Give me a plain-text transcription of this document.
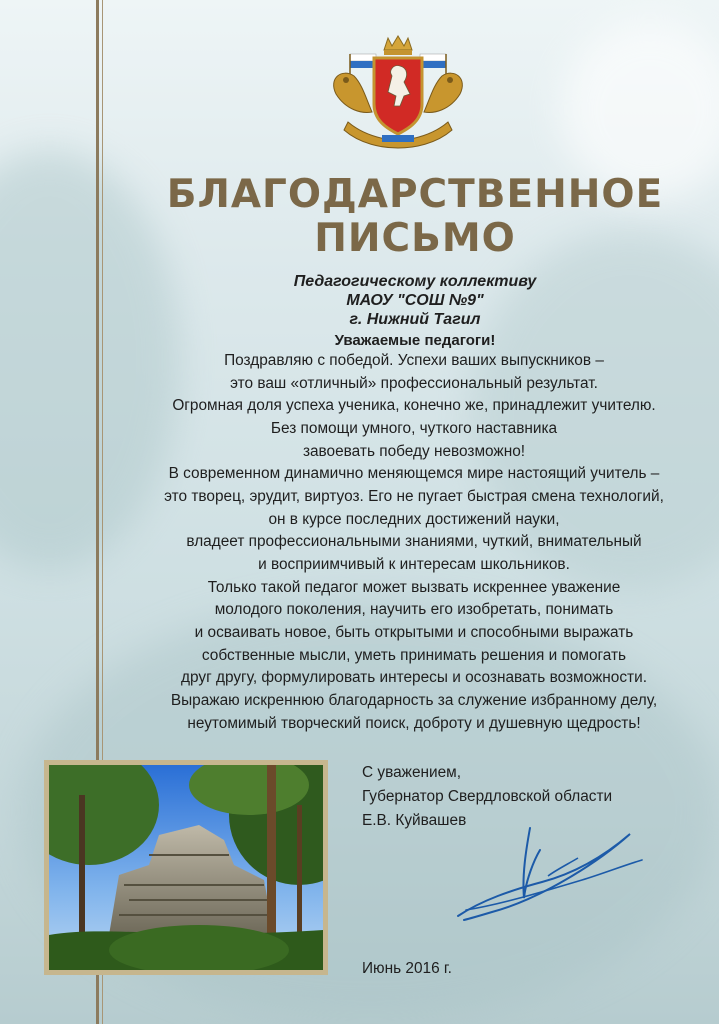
БЛАГОДАРСТВЕННОЕ
ПИСЬМО
Педагогическому коллективу
МАОУ "СОШ №9"
г. Нижний Тагил
Уважаемые педагоги!
Поздравляю с победой. Успехи ваших выпускников –
это ваш «отличный» профессиональный результат.
Огромная доля успеха ученика, конечно же, принадлежит учителю.
Без помощи умного, чуткого наставника
завоевать победу невозможно!
В современном динамично меняющемся мире настоящий учитель –
это творец, эрудит, виртуоз. Его не пугает быстрая смена технологий,
он в курсе последних достижений науки,
владеет профессиональными знаниями, чуткий, внимательный
и восприимчивый к интересам школьников.
Только такой педагог может вызвать искреннее уважение
молодого поколения, научить его изобретать, понимать
и осваивать новое, быть открытыми и способными выражать
собственные мысли, уметь принимать решения и помогать
друг другу, формулировать интересы и осознавать возможности.
Выражаю искреннюю благодарность за служение избранному делу,
неутомимый творческий поиск, доброту и душевную щедрость!
С уважением,
Губернатор Свердловской области
Е.В. Куйвашев
Июнь 2016 г.
